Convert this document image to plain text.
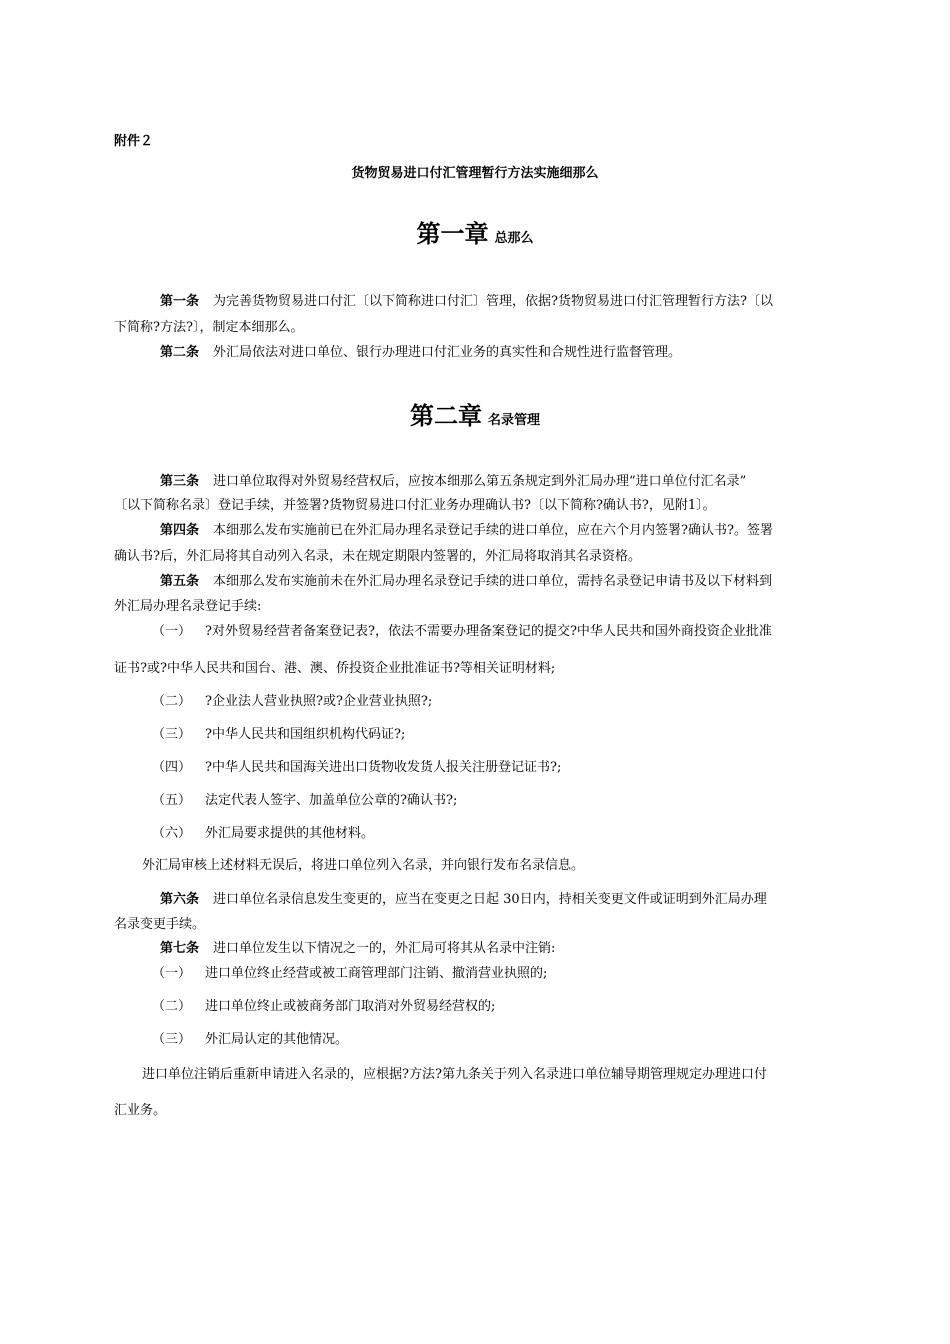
附件２
货物贸易进口付汇管理暂行方法实施细那么
第一章 总那么
第一条 为完善货物贸易进口付汇〔以下简称进口付汇〕管理，依据?货物贸易进口付汇管理暂行方法?〔以
下简称?方法?〕，制定本细那么。
第二条 外汇局依法对进口单位、银行办理进口付汇业务的真实性和合规性进行监督管理。
第二章 名录管理
第三条 进口单位取得对外贸易经营权后，应按本细那么第五条规定到外汇局办理“进口单位付汇名录”
〔以下简称名录〕登记手续，并签署?货物贸易进口付汇业务办理确认书?〔以下简称?确认书?，见附1〕。
第四条 本细那么发布实施前已在外汇局办理名录登记手续的进口单位，应在六个月内签署?确认书?。签署
确认书?后，外汇局将其自动列入名录，未在规定期限内签署的，外汇局将取消其名录资格。
第五条 本细那么发布实施前未在外汇局办理名录登记手续的进口单位，需持名录登记申请书及以下材料到
外汇局办理名录登记手续:
（一） ?对外贸易经营者备案登记表?，依法不需要办理备案登记的提交?中华人民共和国外商投资企业批准
证书?或?中华人民共和国台、港、澳、侨投资企业批准证书?等相关证明材料;
（二） ?企业法人营业执照?或?企业营业执照?;
（三） ?中华人民共和国组织机构代码证?;
（四） ?中华人民共和国海关进出口货物收发货人报关注册登记证书?;
（五） 法定代表人签字、加盖单位公章的?确认书?;
（六） 外汇局要求提供的其他材料。
外汇局审核上述材料无误后，将进口单位列入名录，并向银行发布名录信息。
第六条 进口单位名录信息发生变更的，应当在变更之日起 30日内，持相关变更文件或证明到外汇局办理
名录变更手续。
第七条 进口单位发生以下情况之一的，外汇局可将其从名录中注销:
（一） 进口单位终止经营或被工商管理部门注销、撤消营业执照的;
（二） 进口单位终止或被商务部门取消对外贸易经营权的;
（三） 外汇局认定的其他情况。
进口单位注销后重新申请进入名录的，应根据?方法?第九条关于列入名录进口单位辅导期管理规定办理进口付
汇业务。
